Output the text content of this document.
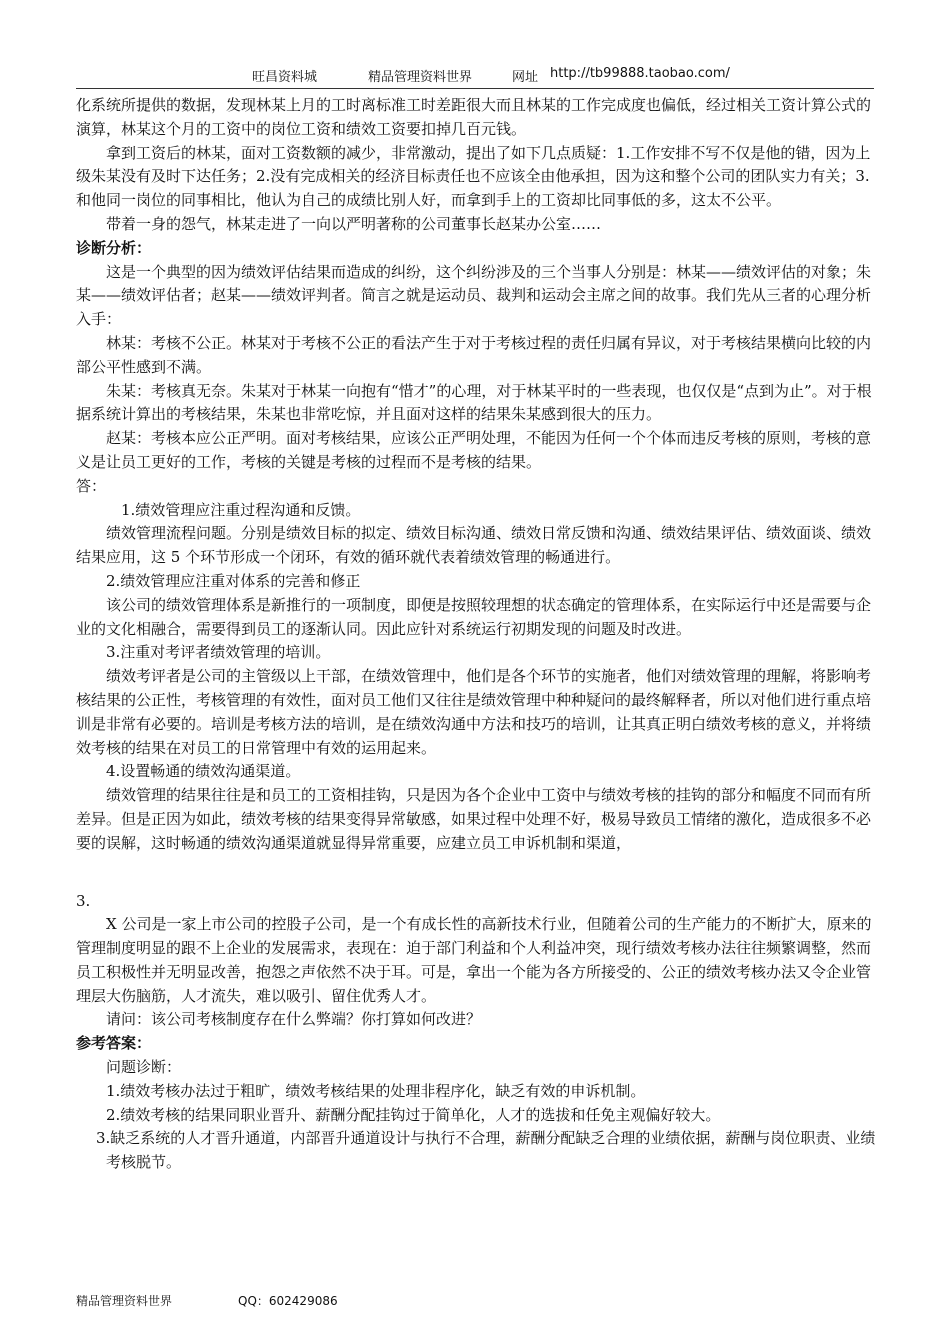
旺昌资料城	精品管理资料世界	网址 http://tb99888.taobao.com/

化系统所提供的数据，发现林某上月的工时离标准工时差距很大而且林某的工作完成度也偏低，经过相关工资计算公式的演算，林某这个月的工资中的岗位工资和绩效工资要扣掉几百元钱。

拿到工资后的林某，面对工资数额的减少，非常激动，提出了如下几点质疑：1.工作安排不写不仅是他的错，因为上级朱某没有及时下达任务；2.没有完成相关的经济目标责任也不应该全由他承担，因为这和整个公司的团队实力有关；3.和他同一岗位的同事相比，他认为自己的成绩比别人好，而拿到手上的工资却比同事低的多，这太不公平。

带着一身的怨气，林某走进了一向以严明著称的公司董事长赵某办公室……

诊断分析：

这是一个典型的因为绩效评估结果而造成的纠纷，这个纠纷涉及的三个当事人分别是：林某——绩效评估的对象；朱某——绩效评估者；赵某——绩效评判者。简言之就是运动员、裁判和运动会主席之间的故事。我们先从三者的心理分析入手：

林某：考核不公正。林某对于考核不公正的看法产生于对于考核过程的责任归属有异议，对于考核结果横向比较的内部公平性感到不满。

朱某：考核真无奈。朱某对于林某一向抱有“惜才”的心理，对于林某平时的一些表现，也仅仅是“点到为止”。对于根据系统计算出的考核结果，朱某也非常吃惊，并且面对这样的结果朱某感到很大的压力。

赵某：考核本应公正严明。面对考核结果，应该公正严明处理，不能因为任何一个个体而违反考核的原则，考核的意义是让员工更好的工作，考核的关键是考核的过程而不是考核的结果。

答：

1.绩效管理应注重过程沟通和反馈。

绩效管理流程问题。分别是绩效目标的拟定、绩效目标沟通、绩效日常反馈和沟通、绩效结果评估、绩效面谈、绩效结果应用，这 5 个环节形成一个闭环，有效的循环就代表着绩效管理的畅通进行。

2.绩效管理应注重对体系的完善和修正

该公司的绩效管理体系是新推行的一项制度，即便是按照较理想的状态确定的管理体系，在实际运行中还是需要与企业的文化相融合，需要得到员工的逐渐认同。因此应针对系统运行初期发现的问题及时改进。

3.注重对考评者绩效管理的培训。

绩效考评者是公司的主管级以上干部，在绩效管理中，他们是各个环节的实施者，他们对绩效管理的理解，将影响考核结果的公正性，考核管理的有效性，面对员工他们又往往是绩效管理中种种疑问的最终解释者，所以对他们进行重点培训是非常有必要的。培训是考核方法的培训，是在绩效沟通中方法和技巧的培训，让其真正明白绩效考核的意义，并将绩效考核的结果在对员工的日常管理中有效的运用起来。

4.设置畅通的绩效沟通渠道。

绩效管理的结果往往是和员工的工资相挂钩，只是因为各个企业中工资中与绩效考核的挂钩的部分和幅度不同而有所差异。但是正因为如此，绩效考核的结果变得异常敏感，如果过程中处理不好，极易导致员工情绪的激化，造成很多不必要的误解，这时畅通的绩效沟通渠道就显得异常重要，应建立员工申诉机制和渠道，

3.

X 公司是一家上市公司的控股子公司，是一个有成长性的高新技术行业，但随着公司的生产能力的不断扩大，原来的管理制度明显的跟不上企业的发展需求，表现在：迫于部门利益和个人利益冲突，现行绩效考核办法往往频繁调整，然而员工积极性并无明显改善，抱怨之声依然不决于耳。可是，拿出一个能为各方所接受的、公正的绩效考核办法又令企业管理层大伤脑筋，人才流失，难以吸引、留住优秀人才。

请问：该公司考核制度存在什么弊端？你打算如何改进？

参考答案：

问题诊断：

1.绩效考核办法过于粗旷，绩效考核结果的处理非程序化，缺乏有效的申诉机制。

2.绩效考核的结果同职业晋升、薪酬分配挂钩过于简单化，人才的选拔和任免主观偏好较大。

3.缺乏系统的人才晋升通道，内部晋升通道设计与执行不合理，薪酬分配缺乏合理的业绩依据，薪酬与岗位职责、业绩考核脱节。

精品管理资料世界	QQ：602429086
